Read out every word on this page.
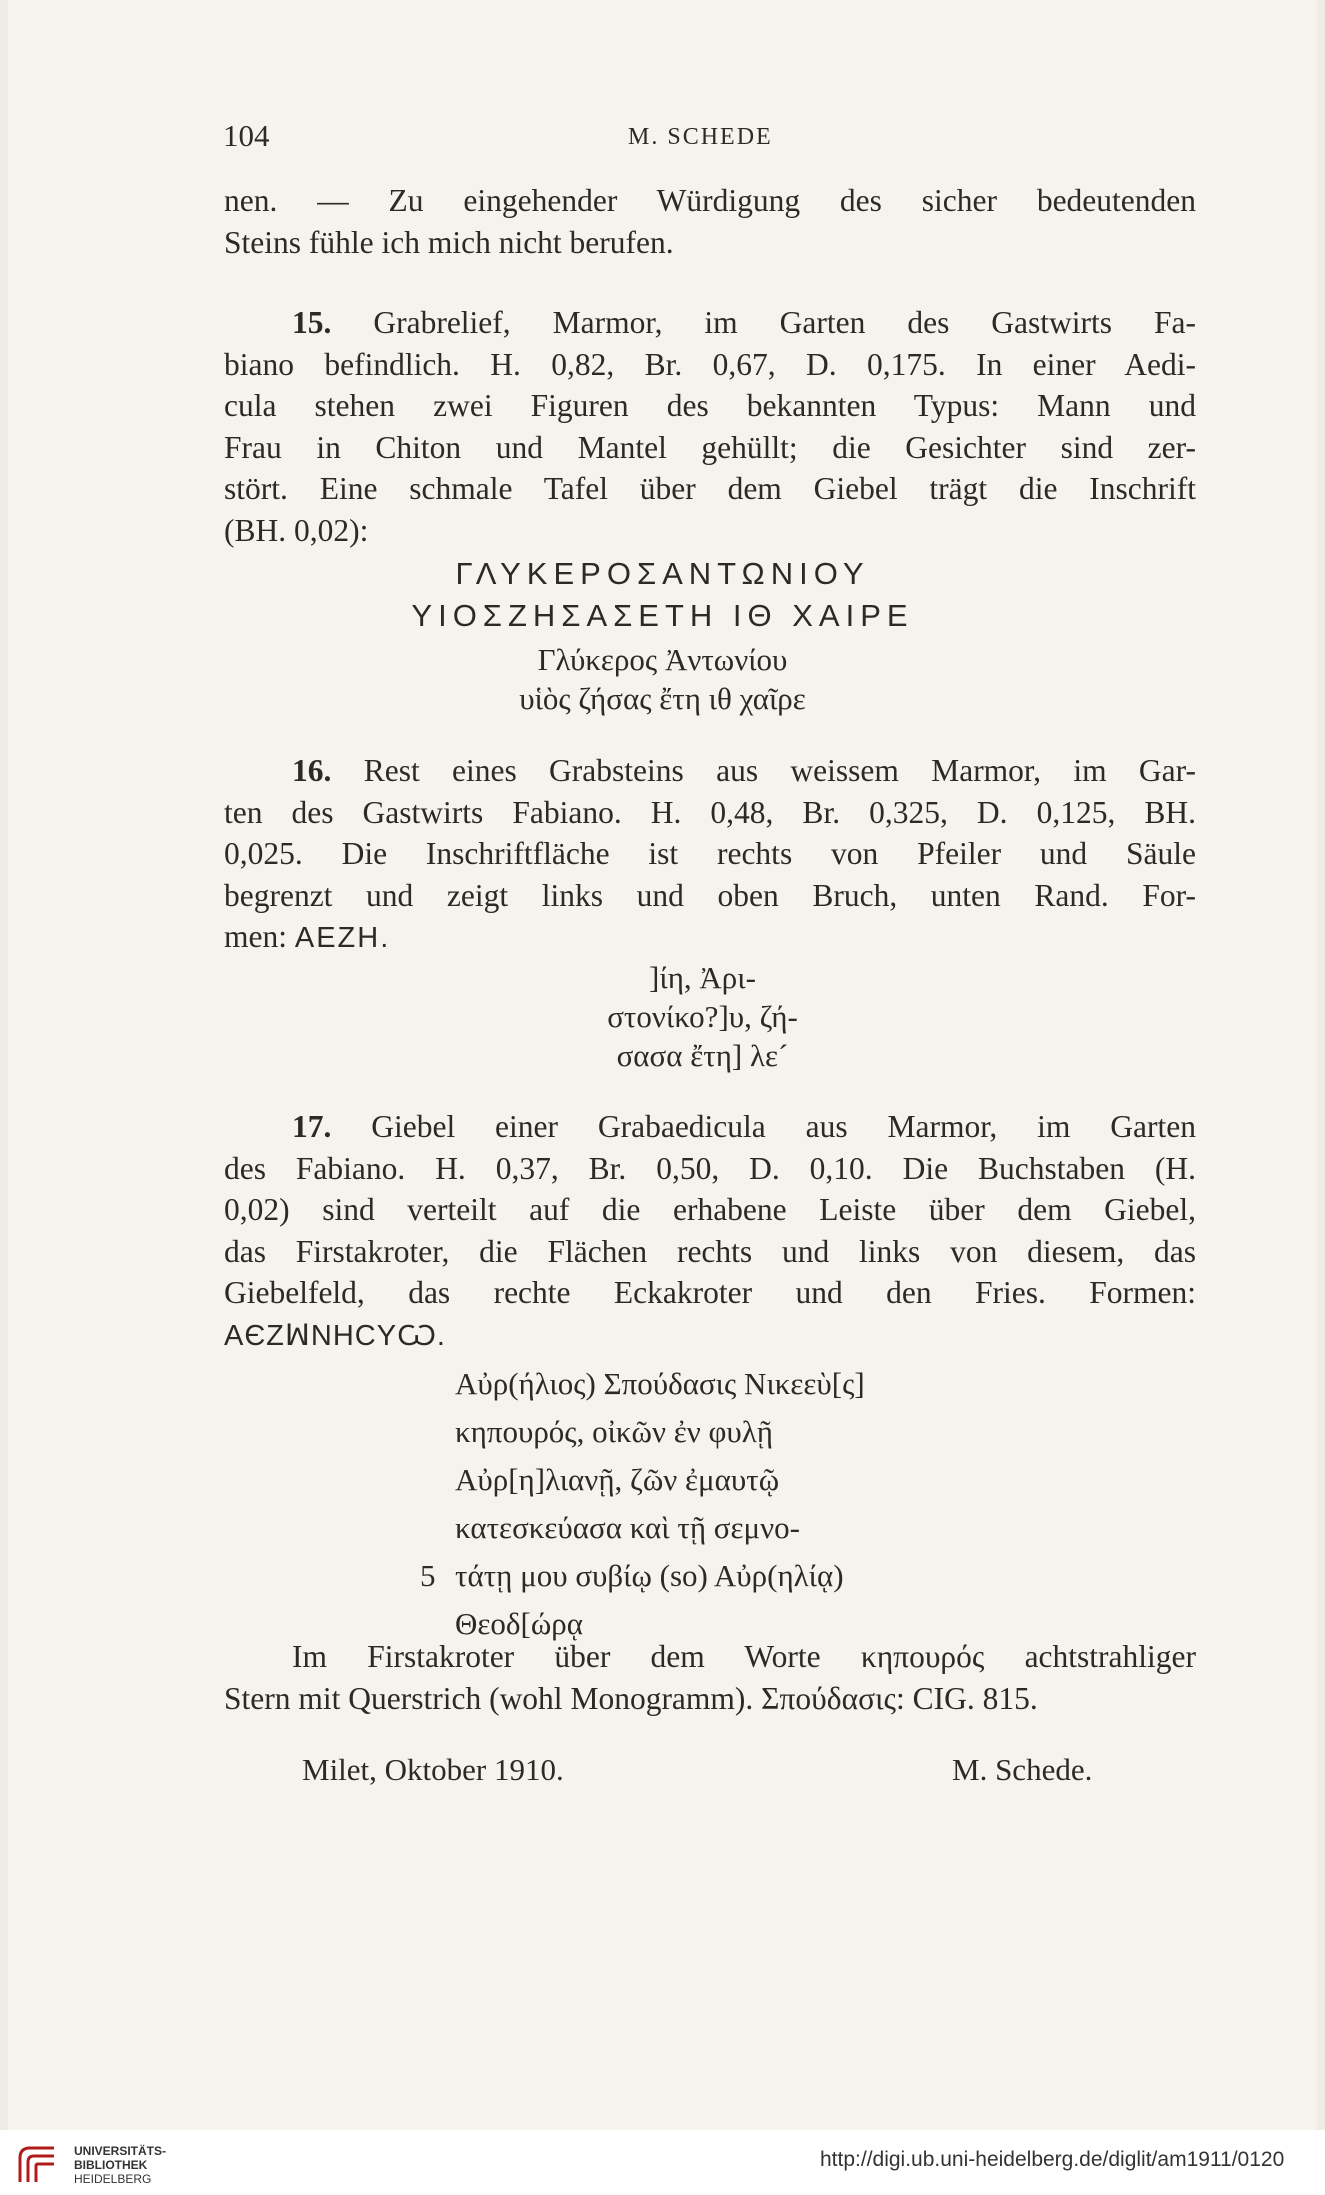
104	M. SCHEDE
nen. — Zu eingehender Würdigung des sicher bedeutenden
Steins fühle ich mich nicht berufen.
15. Grabrelief, Marmor, im Garten des Gastwirts Fa-
biano befindlich. H. 0,82, Br. 0,67, D. 0,175. In einer Aedi-
cula stehen zwei Figuren des bekannten Typus: Mann und
Frau in Chiton und Mantel gehüllt; die Gesichter sind zer-
stört. Eine schmale Tafel über dem Giebel trägt die Inschrift
(BH. 0,02):
ΓΛΥΚΕΡΟΣΑΝΤΩΝΙΟΥ
ΥΙΟΣΖΗΣΑΣΕΤΗ ΙΘ ΧΑΙΡΕ
Γλύκερος Ἀντωνίου
υἱὸς ζήσας ἔτη ιθ χαῖρε
16. Rest eines Grabsteins aus weissem Marmor, im Gar-
ten des Gastwirts Fabiano. H. 0,48, Br. 0,325, D. 0,125, BH.
0,025. Die Inschriftfläche ist rechts von Pfeiler und Säule
begrenzt und zeigt links und oben Bruch, unten Rand. For-
men: ΑΕΖΗ.
]ίη, Ἀρι-
στονίκο?]υ, ζή-
σασα ἔτη] λε´
17. Giebel einer Grabaedicula aus Marmor, im Garten
des Fabiano. H. 0,37, Br. 0,50, D. 0,10. Die Buchstaben (H.
0,02) sind verteilt auf die erhabene Leiste über dem Giebel,
das Firstakroter, die Flächen rechts und links von diesem, das
Giebelfeld, das rechte Eckakroter und den Fries. Formen:
ΑЄΖꟽΝΗϹΥѠ.
Αὐρ(ήλιος) Σπούδασις Νικεεὺ[ς]
κηπουρός, οἰκῶν ἐν φυλῇ
Αὐρ[η]λιανῇ, ζῶν ἐμαυτῷ
κατεσκεύασα καὶ τῇ σεμνο-
5 τάτῃ μου συβίῳ (so) Αὐρ(ηλίᾳ)
Θεοδ[ώρᾳ
Im Firstakroter über dem Worte κηπουρός achtstrahliger
Stern mit Querstrich (wohl Monogramm). Σπούδασις: CIG. 815.
Milet, Oktober 1910.	M. Schede.
UNIVERSITÄTS-
BIBLIOTHEK
HEIDELBERG
http://digi.ub.uni-heidelberg.de/diglit/am1911/0120
